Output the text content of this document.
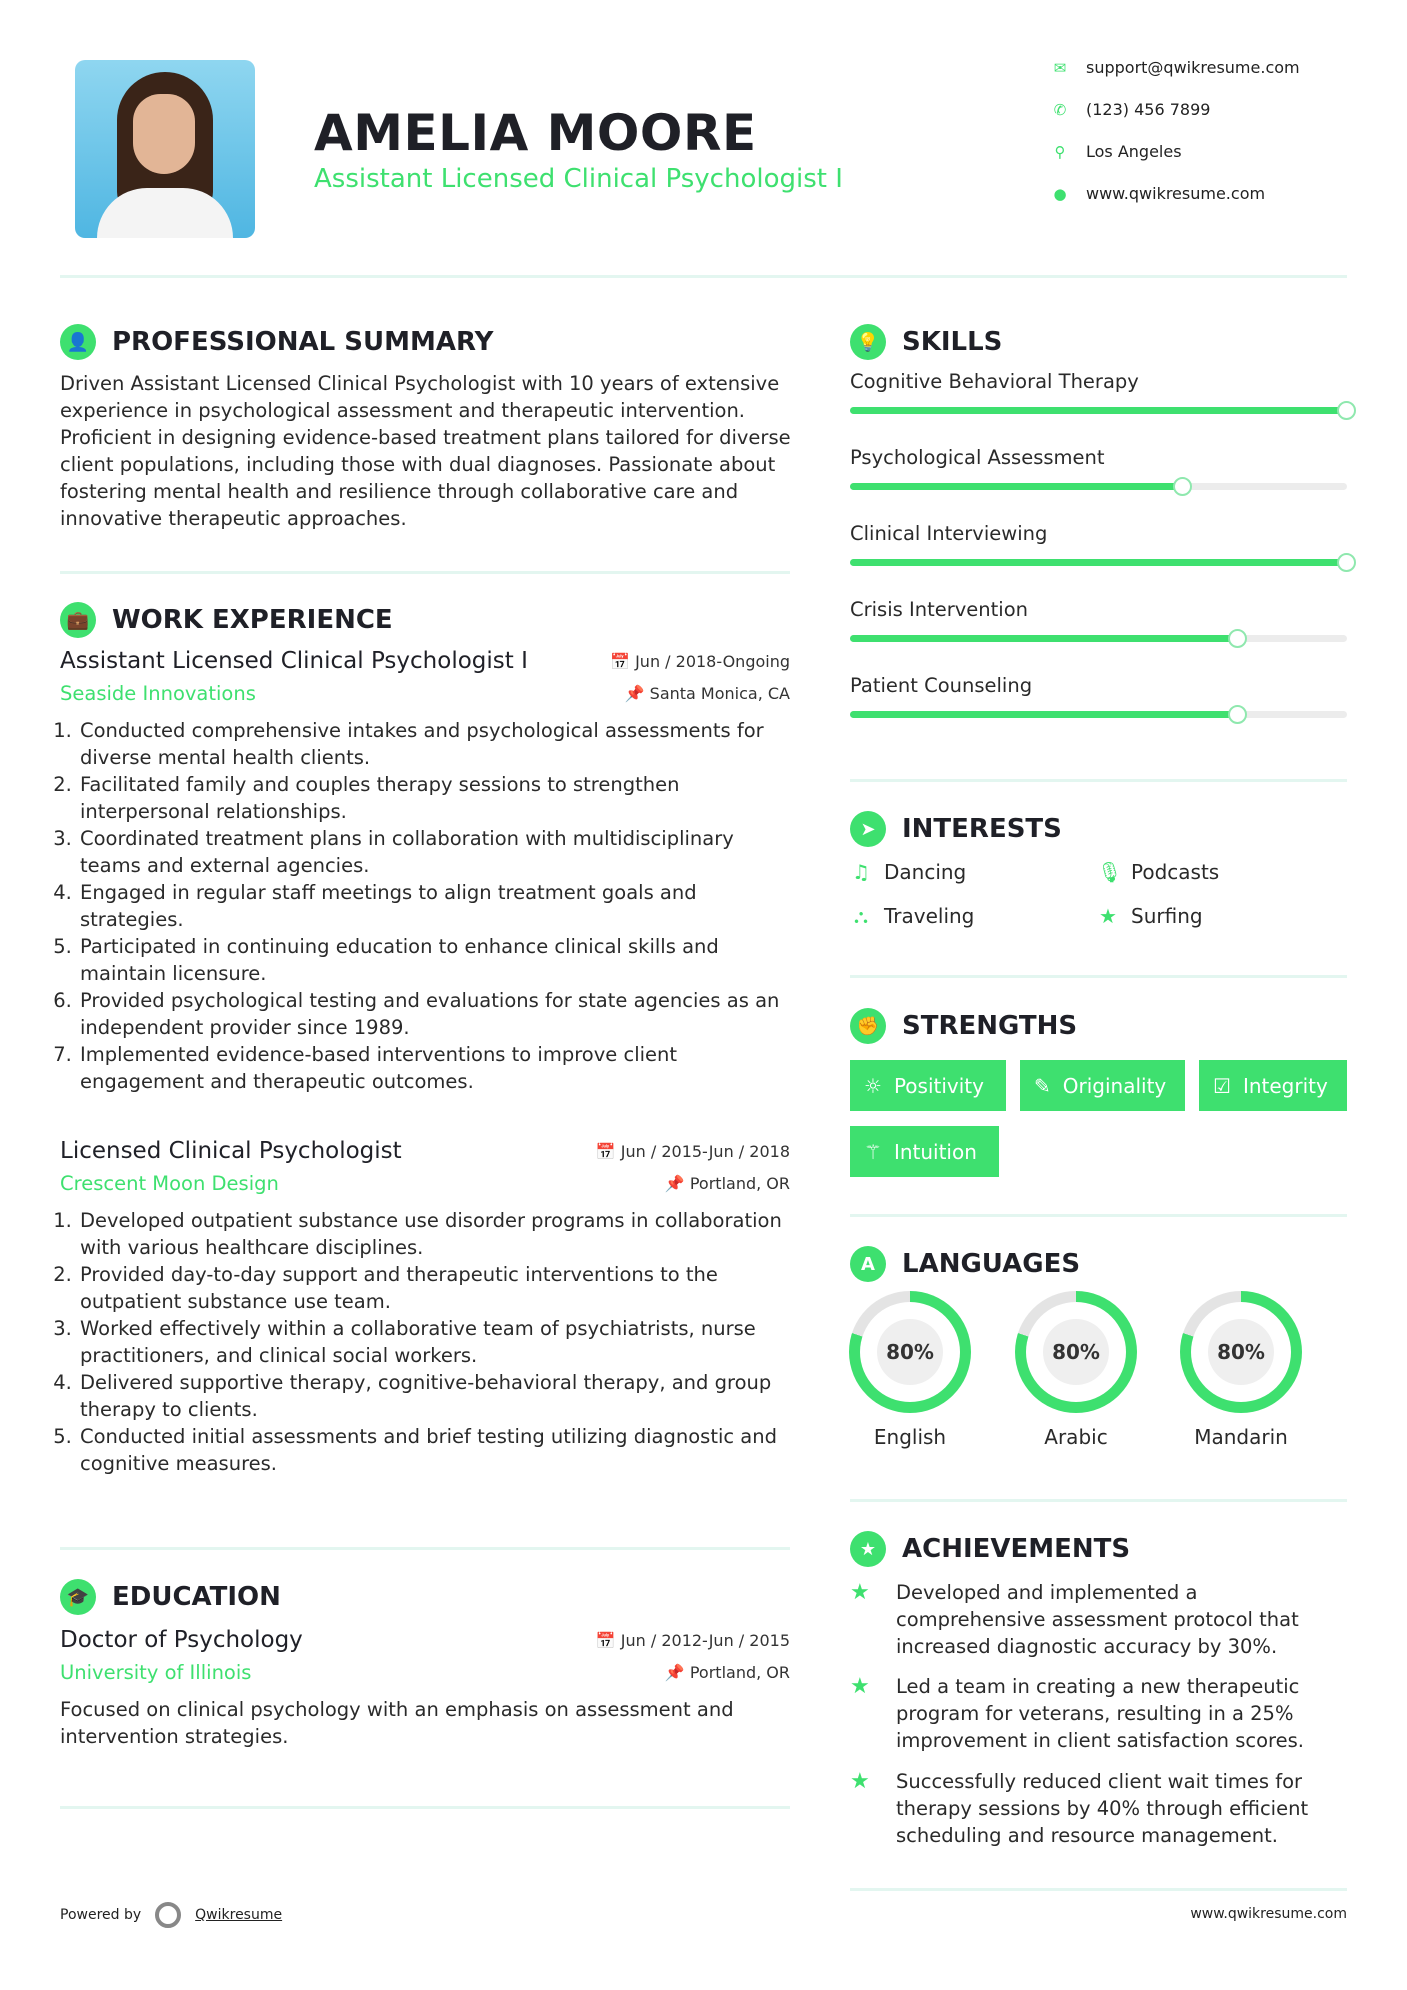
AMELIA MOORE
Assistant Licensed Clinical Psychologist I
✉ support@qwikresume.com
✆ (123) 456 7899
⚲ Los Angeles
● www.qwikresume.com
👤 PROFESSIONAL SUMMARY
Driven Assistant Licensed Clinical Psychologist with 10 years of extensive experience in psychological assessment and therapeutic intervention. Proficient in designing evidence-based treatment plans tailored for diverse client populations, including those with dual diagnoses. Passionate about fostering mental health and resilience through collaborative care and innovative therapeutic approaches.
💼 WORK EXPERIENCE
Assistant Licensed Clinical Psychologist I	📅 Jun / 2018-Ongoing
Seaside Innovations	📌 Santa Monica, CA
1. Conducted comprehensive intakes and psychological assessments for diverse mental health clients.
2. Facilitated family and couples therapy sessions to strengthen interpersonal relationships.
3. Coordinated treatment plans in collaboration with multidisciplinary teams and external agencies.
4. Engaged in regular staff meetings to align treatment goals and strategies.
5. Participated in continuing education to enhance clinical skills and maintain licensure.
6. Provided psychological testing and evaluations for state agencies as an independent provider since 1989.
7. Implemented evidence-based interventions to improve client engagement and therapeutic outcomes.
Licensed Clinical Psychologist	📅 Jun / 2015-Jun / 2018
Crescent Moon Design	📌 Portland, OR
1. Developed outpatient substance use disorder programs in collaboration with various healthcare disciplines.
2. Provided day-to-day support and therapeutic interventions to the outpatient substance use team.
3. Worked effectively within a collaborative team of psychiatrists, nurse practitioners, and clinical social workers.
4. Delivered supportive therapy, cognitive-behavioral therapy, and group therapy to clients.
5. Conducted initial assessments and brief testing utilizing diagnostic and cognitive measures.
🎓 EDUCATION
Doctor of Psychology	📅 Jun / 2012-Jun / 2015
University of Illinois	📌 Portland, OR
Focused on clinical psychology with an emphasis on assessment and intervention strategies.
💡 SKILLS
Cognitive Behavioral Therapy
Psychological Assessment
Clinical Interviewing
Crisis Intervention
Patient Counseling
➤	INTERESTS
♫ Dancing	🎙 Podcasts
⛬ Traveling	★ Surfing
✊ STRENGTHS
☼ Positivity	✎ Originality ☑ Integrity
⚚ Intuition
A	LANGUAGES
80%
English
80%
Arabic
80%
Mandarin
★ ACHIEVEMENTS
★	Developed and implemented a comprehensive assessment protocol that increased diagnostic accuracy by 30%.
★	Led a team in creating a new therapeutic program for veterans, resulting in a 25% improvement in client satisfaction scores.
★	Successfully reduced client wait times for therapy sessions by 40% through efficient scheduling and resource management.
Powered by	Qwikresume	www.qwikresume.com
